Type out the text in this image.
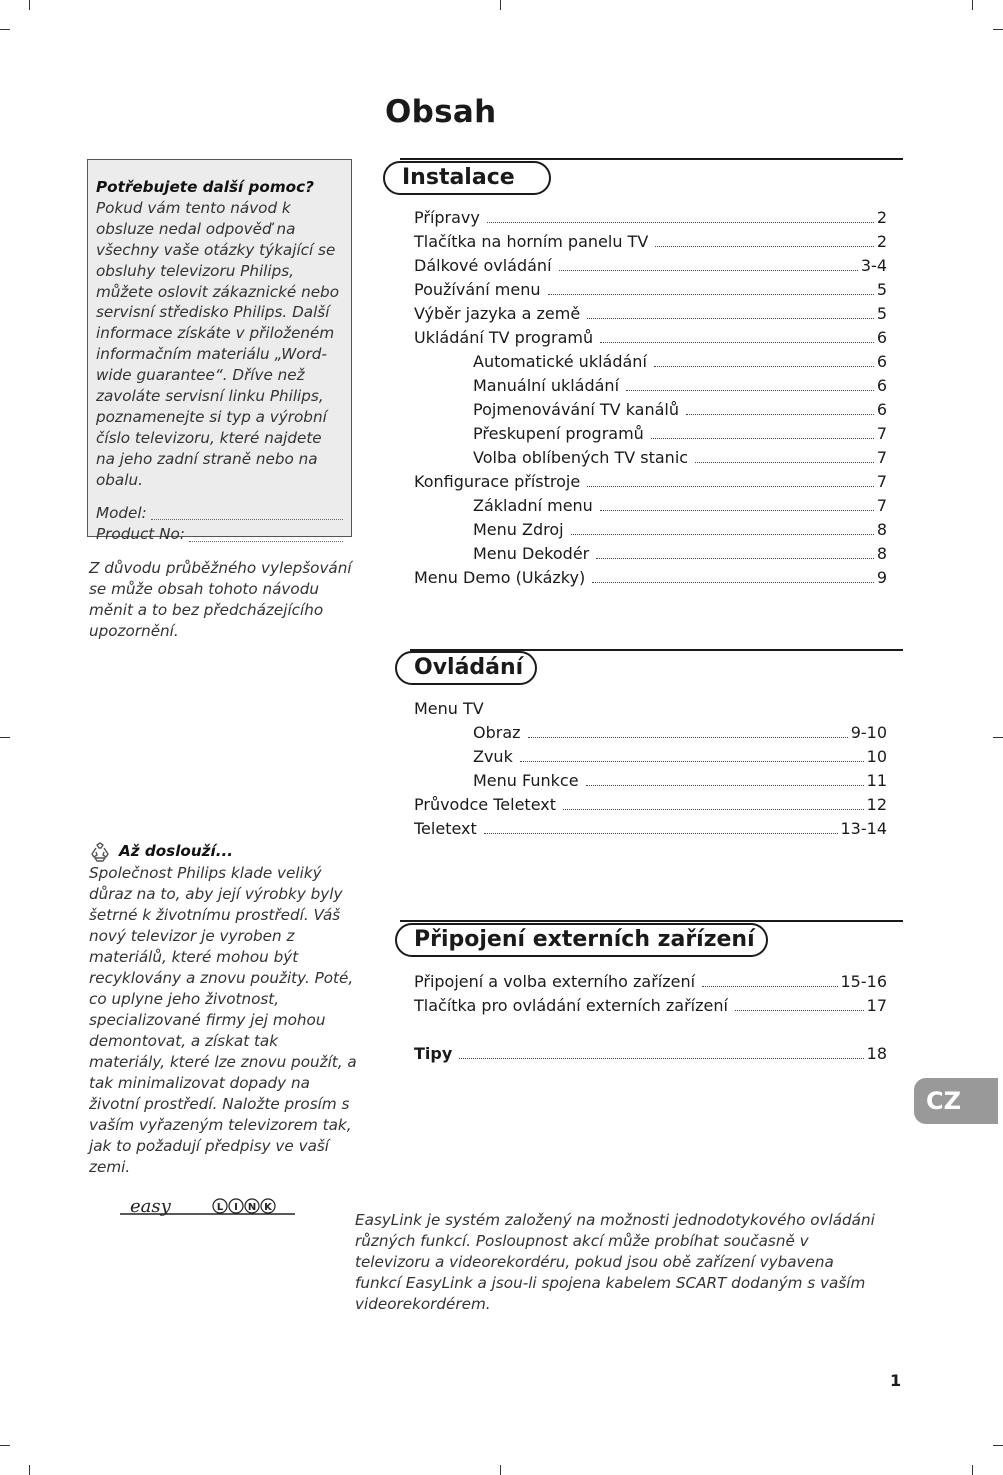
Obsah
Potřebujete další pomoc?
Pokud vám tento návod k obsluze nedal odpověď na všechny vaše otázky týkající se obsluhy televizoru Philips, můžete oslovit zákaznické nebo servisní středisko Philips. Další informace získáte v přiloženém informačním materiálu „Word-wide guarantee“. Dříve než zavoláte servisní linku Philips, poznamenejte si typ a výrobní číslo televizoru, které najdete na jeho zadní straně nebo na obalu.
Model:
Product No:
Z důvodu průběžného vylepšování se může obsah tohoto návodu měnit a to bez předcházejícího upozornění.
Až doslouží...
Společnost Philips klade veliký důraz na to, aby její výrobky byly šetrné k životnímu prostředí. Váš nový televizor je vyroben z materiálů, které mohou být recyklovány a znovu použity. Poté, co uplyne jeho životnost, specializované firmy jej mohou demontovat, a získat tak materiály, které lze znovu použít, a tak minimalizovat dopady na životní prostředí. Naložte prosím s vaším vyřazeným televizorem tak, jak to požadují předpisy ve vaší zemi.
easy	L I N K
EasyLink je systém založený na možnosti jednodotykového ovládáni různých funkcí. Posloupnost akcí může probíhat současně v televizoru a videorekordéru, pokud jsou obě zařízení vybavena funkcí EasyLink a jsou-li spojena kabelem SCART dodaným s vaším videorekordérem.
Instalace
Přípravy	2
Tlačítka na horním panelu TV	2
Dálkové ovládání	3-4
Používání menu	5
Výběr jazyka a země	5
Ukládání TV programů	6
Automatické ukládání	6
Manuální ukládání	6
Pojmenovávání TV kanálů	6
Přeskupení programů	7
Volba oblíbených TV stanic	7
Konfigurace přístroje	7
Základní menu	7
Menu Zdroj	8
Menu Dekodér	8
Menu Demo (Ukázky)	9
Ovládání
Menu TV
Obraz	9-10
Zvuk	10
Menu Funkce	11
Průvodce Teletext	12
Teletext	13-14
Připojení externích zařízení
Připojení a volba externího zařízení	15-16
Tlačítka pro ovládání externích zařízení	17
Tipy	18
CZ
1
